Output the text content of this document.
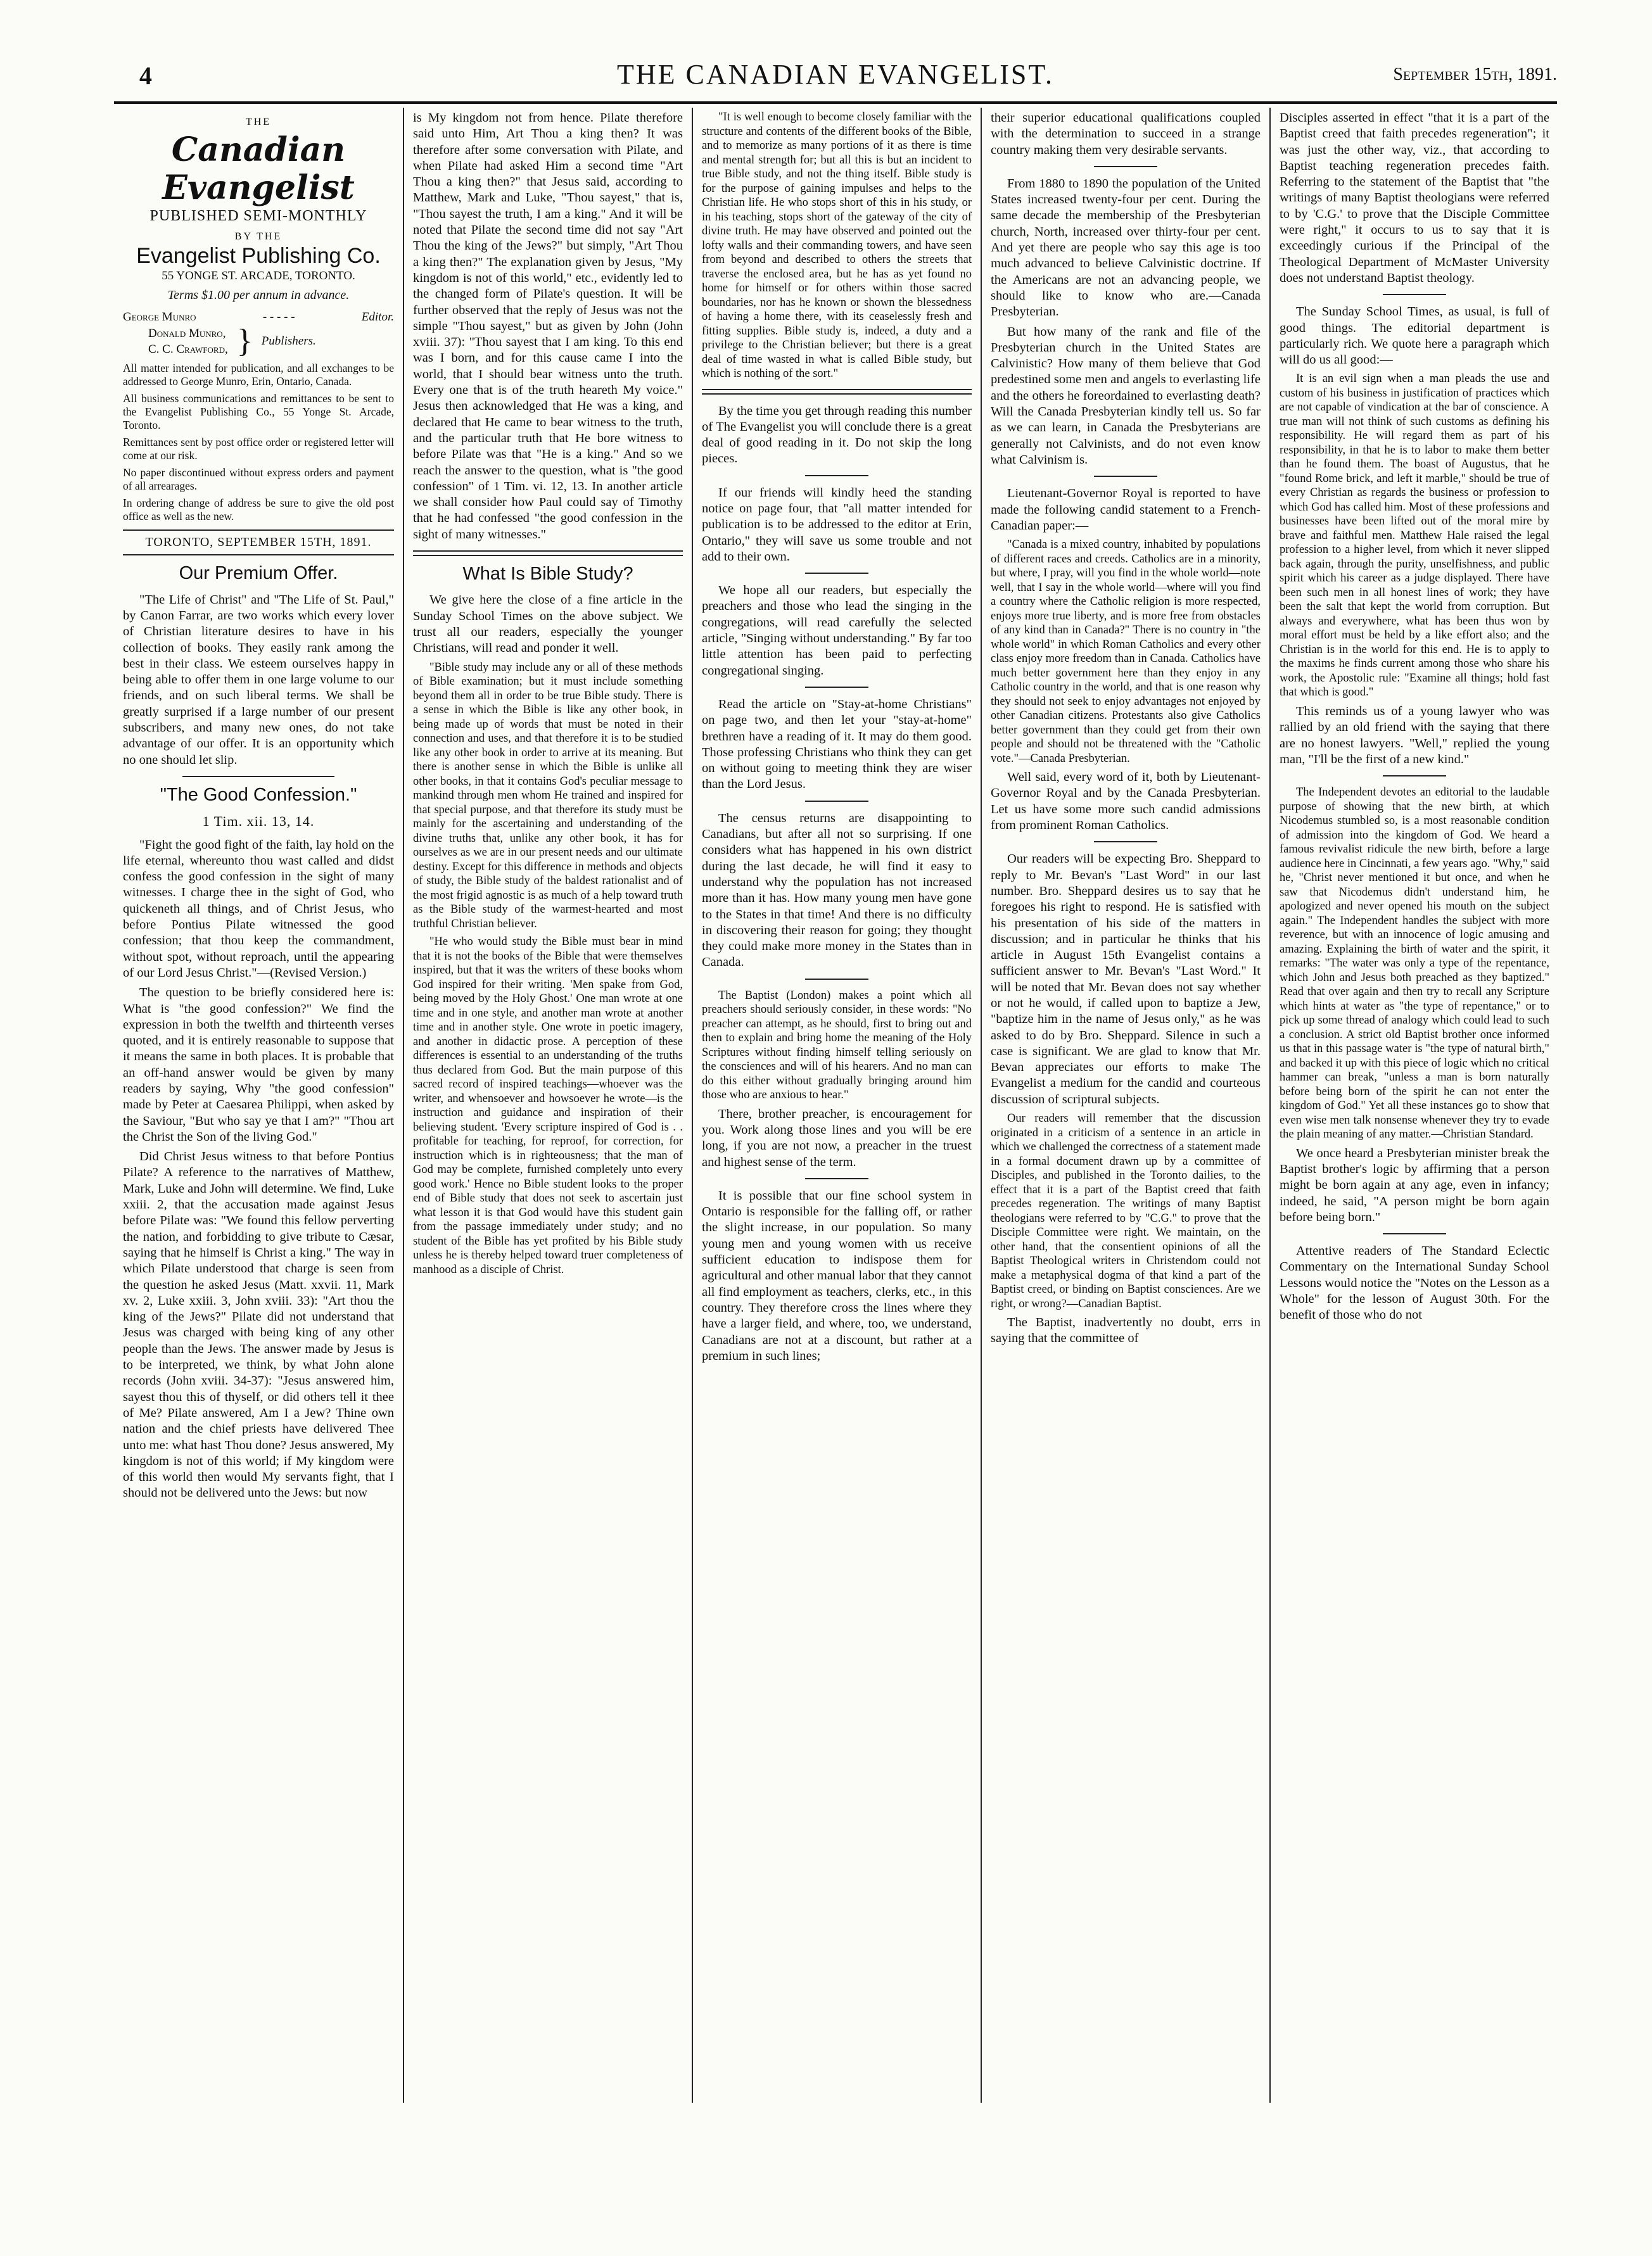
4	THE CANADIAN EVANGELIST.	September 15th, 1891.
THE
Canadian Evangelist
PUBLISHED SEMI-MONTHLY
BY THE
Evangelist Publishing Co.
55 YONGE ST. ARCADE, TORONTO.
Terms $1.00 per annum in advance.
George Munro	- - - - -	Editor.
Donald Munro,
C. C. Crawford, } Publishers.

All matter intended for publication, and all exchanges to be addressed to George Munro, Erin, Ontario, Canada.

All business communications and remittances to be sent to the Evangelist Publishing Co., 55 Yonge St. Arcade, Toronto.

Remittances sent by post office order or registered letter will come at our risk.

No paper discontinued without express orders and payment of all arrearages.

In ordering change of address be sure to give the old post office as well as the new.

TORONTO, SEPTEMBER 15TH, 1891.
Our Premium Offer.

"The Life of Christ" and "The Life of St. Paul," by Canon Farrar, are two works which every lover of Christian literature desires to have in his collection of books. They easily rank among the best in their class. We esteem ourselves happy in being able to offer them in one large volume to our friends, and on such liberal terms. We shall be greatly surprised if a large number of our present subscribers, and many new ones, do not take advantage of our offer. It is an opportunity which no one should let slip.

"The Good Confession."
1 Tim. xii. 13, 14.

"Fight the good fight of the faith, lay hold on the life eternal, whereunto thou wast called and didst confess the good confession in the sight of many witnesses. I charge thee in the sight of God, who quickeneth all things, and of Christ Jesus, who before Pontius Pilate witnessed the good confession; that thou keep the commandment, without spot, without reproach, until the appearing of our Lord Jesus Christ."—(Revised Version.)

The question to be briefly considered here is: What is "the good confession?" We find the expression in both the twelfth and thirteenth verses quoted, and it is entirely reasonable to suppose that it means the same in both places. It is probable that an off-hand answer would be given by many readers by saying, Why "the good confession" made by Peter at Caesarea Philippi, when asked by the Saviour, "But who say ye that I am?" "Thou art the Christ the Son of the living God."

Did Christ Jesus witness to that before Pontius Pilate? A reference to the narratives of Matthew, Mark, Luke and John will determine. We find, Luke xxiii. 2, that the accusation made against Jesus before Pilate was: "We found this fellow perverting the nation, and forbidding to give tribute to Cæsar, saying that he himself is Christ a king." The way in which Pilate understood that charge is seen from the question he asked Jesus (Matt. xxvii. 11, Mark xv. 2, Luke xxiii. 3, John xviii. 33): "Art thou the king of the Jews?" Pilate did not understand that Jesus was charged with being king of any other people than the Jews. The answer made by Jesus is to be interpreted, we think, by what John alone records (John xviii. 34-37): "Jesus answered him, sayest thou this of thyself, or did others tell it thee of Me? Pilate answered, Am I a Jew? Thine own nation and the chief priests have delivered Thee unto me: what hast Thou done? Jesus answered, My kingdom is not of this world; if My kingdom were of this world then would My servants fight, that I should not be delivered unto the Jews: but now

is My kingdom not from hence. Pilate therefore said unto Him, Art Thou a king then? It was therefore after some conversation with Pilate, and when Pilate had asked Him a second time "Art Thou a king then?" that Jesus said, according to Matthew, Mark and Luke, "Thou sayest," that is, "Thou sayest the truth, I am a king." And it will be noted that Pilate the second time did not say "Art Thou the king of the Jews?" but simply, "Art Thou a king then?" The explanation given by Jesus, "My kingdom is not of this world," etc., evidently led to the changed form of Pilate's question. It will be further observed that the reply of Jesus was not the simple "Thou sayest," but as given by John (John xviii. 37): "Thou sayest that I am king. To this end was I born, and for this cause came I into the world, that I should bear witness unto the truth. Every one that is of the truth heareth My voice." Jesus then acknowledged that He was a king, and declared that He came to bear witness to the truth, and the particular truth that He bore witness to before Pilate was that "He is a king." And so we reach the answer to the question, what is "the good confession" of 1 Tim. vi. 12, 13. In another article we shall consider how Paul could say of Timothy that he had confessed "the good confession in the sight of many witnesses."

What Is Bible Study?

We give here the close of a fine article in the Sunday School Times on the above subject. We trust all our readers, especially the younger Christians, will read and ponder it well.

"Bible study may include any or all of these methods of Bible examination; but it must include something beyond them all in order to be true Bible study. There is a sense in which the Bible is like any other book, in being made up of words that must be noted in their connection and uses, and that therefore it is to be studied like any other book in order to arrive at its meaning. But there is another sense in which the Bible is unlike all other books, in that it contains God's peculiar message to mankind through men whom He trained and inspired for that special purpose, and that therefore its study must be mainly for the ascertaining and understanding of the divine truths that, unlike any other book, it has for ourselves as we are in our present needs and our ultimate destiny. Except for this difference in methods and objects of study, the Bible study of the baldest rationalist and of the most frigid agnostic is as much of a help toward truth as the Bible study of the warmest-hearted and most truthful Christian believer.

"He who would study the Bible must bear in mind that it is not the books of the Bible that were themselves inspired, but that it was the writers of these books whom God inspired for their writing. 'Men spake from God, being moved by the Holy Ghost.' One man wrote at one time and in one style, and another man wrote at another time and in another style. One wrote in poetic imagery, and another in didactic prose. A perception of these differences is essential to an understanding of the truths thus declared from God. But the main purpose of this sacred record of inspired teachings—whoever was the writer, and whensoever and howsoever he wrote—is the instruction and guidance and inspiration of their believing student. 'Every scripture inspired of God is . . profitable for teaching, for reproof, for correction, for instruction which is in righteousness; that the man of God may be complete, furnished completely unto every good work.' Hence no Bible student looks to the proper end of Bible study that does not seek to ascertain just what lesson it is that God would have this student gain from the passage immediately under study; and no student of the Bible has yet profited by his Bible study unless he is thereby helped toward truer completeness of manhood as a disciple of Christ.

"It is well enough to become closely familiar with the structure and contents of the different books of the Bible, and to memorize as many portions of it as there is time and mental strength for; but all this is but an incident to true Bible study, and not the thing itself. Bible study is for the purpose of gaining impulses and helps to the Christian life. He who stops short of this in his study, or in his teaching, stops short of the gateway of the city of divine truth. He may have observed and pointed out the lofty walls and their commanding towers, and have seen from beyond and described to others the streets that traverse the enclosed area, but he has as yet found no home for himself or for others within those sacred boundaries, nor has he known or shown the blessedness of having a home there, with its ceaselessly fresh and fitting supplies. Bible study is, indeed, a duty and a privilege to the Christian believer; but there is a great deal of time wasted in what is called Bible study, but which is nothing of the sort."

By the time you get through reading this number of The Evangelist you will conclude there is a great deal of good reading in it. Do not skip the long pieces.

If our friends will kindly heed the standing notice on page four, that "all matter intended for publication is to be addressed to the editor at Erin, Ontario," they will save us some trouble and not add to their own.

We hope all our readers, but especially the preachers and those who lead the singing in the congregations, will read carefully the selected article, "Singing without understanding." By far too little attention has been paid to perfecting congregational singing.

Read the article on "Stay-at-home Christians" on page two, and then let your "stay-at-home" brethren have a reading of it. It may do them good. Those professing Christians who think they can get on without going to meeting think they are wiser than the Lord Jesus.

The census returns are disappointing to Canadians, but after all not so surprising. If one considers what has happened in his own district during the last decade, he will find it easy to understand why the population has not increased more than it has. How many young men have gone to the States in that time! And there is no difficulty in discovering their reason for going; they thought they could make more money in the States than in Canada.

The Baptist (London) makes a point which all preachers should seriously consider, in these words: "No preacher can attempt, as he should, first to bring out and then to explain and bring home the meaning of the Holy Scriptures without finding himself telling seriously on the consciences and will of his hearers. And no man can do this either without gradually bringing around him those who are anxious to hear."

There, brother preacher, is encouragement for you. Work along those lines and you will be ere long, if you are not now, a preacher in the truest and highest sense of the term.

It is possible that our fine school system in Ontario is responsible for the falling off, or rather the slight increase, in our population. So many young men and young women with us receive sufficient education to indispose them for agricultural and other manual labor that they cannot all find employment as teachers, clerks, etc., in this country. They therefore cross the lines where they have a larger field, and where, too, we understand, Canadians are not at a discount, but rather at a premium in such lines;

their superior educational qualifications coupled with the determination to succeed in a strange country making them very desirable servants.

From 1880 to 1890 the population of the United States increased twenty-four per cent. During the same decade the membership of the Presbyterian church, North, increased over thirty-four per cent. And yet there are people who say this age is too much advanced to believe Calvinistic doctrine. If the Americans are not an advancing people, we should like to know who are.—Canada Presbyterian.

But how many of the rank and file of the Presbyterian church in the United States are Calvinistic? How many of them believe that God predestined some men and angels to everlasting life and the others he foreordained to everlasting death? Will the Canada Presbyterian kindly tell us. So far as we can learn, in Canada the Presbyterians are generally not Calvinists, and do not even know what Calvinism is.

Lieutenant-Governor Royal is reported to have made the following candid statement to a French-Canadian paper:—

"Canada is a mixed country, inhabited by populations of different races and creeds. Catholics are in a minority, but where, I pray, will you find in the whole world—note well, that I say in the whole world—where will you find a country where the Catholic religion is more respected, enjoys more true liberty, and is more free from obstacles of any kind than in Canada?" There is no country in "the whole world" in which Roman Catholics and every other class enjoy more freedom than in Canada. Catholics have much better government here than they enjoy in any Catholic country in the world, and that is one reason why they should not seek to enjoy advantages not enjoyed by other Canadian citizens. Protestants also give Catholics better government than they could get from their own people and should not be threatened with the "Catholic vote."—Canada Presbyterian.

Well said, every word of it, both by Lieutenant-Governor Royal and by the Canada Presbyterian. Let us have some more such candid admissions from prominent Roman Catholics.

Our readers will be expecting Bro. Sheppard to reply to Mr. Bevan's "Last Word" in our last number. Bro. Sheppard desires us to say that he foregoes his right to respond. He is satisfied with his presentation of his side of the matters in discussion; and in particular he thinks that his article in August 15th Evangelist contains a sufficient answer to Mr. Bevan's "Last Word." It will be noted that Mr. Bevan does not say whether or not he would, if called upon to baptize a Jew, "baptize him in the name of Jesus only," as he was asked to do by Bro. Sheppard. Silence in such a case is significant. We are glad to know that Mr. Bevan appreciates our efforts to make The Evangelist a medium for the candid and courteous discussion of scriptural subjects.

Our readers will remember that the discussion originated in a criticism of a sentence in an article in which we challenged the correctness of a statement made in a formal document drawn up by a committee of Disciples, and published in the Toronto dailies, to the effect that it is a part of the Baptist creed that faith precedes regeneration. The writings of many Baptist theologians were referred to by "C.G." to prove that the Disciple Committee were right. We maintain, on the other hand, that the consentient opinions of all the Baptist Theological writers in Christendom could not make a metaphysical dogma of that kind a part of the Baptist creed, or binding on Baptist consciences. Are we right, or wrong?—Canadian Baptist.

The Baptist, inadvertently no doubt, errs in saying that the committee of

Disciples asserted in effect "that it is a part of the Baptist creed that faith precedes regeneration"; it was just the other way, viz., that according to Baptist teaching regeneration precedes faith. Referring to the statement of the Baptist that "the writings of many Baptist theologians were referred to by 'C.G.' to prove that the Disciple Committee were right," it occurs to us to say that it is exceedingly curious if the Principal of the Theological Department of McMaster University does not understand Baptist theology.

The Sunday School Times, as usual, is full of good things. The editorial department is particularly rich. We quote here a paragraph which will do us all good:—

It is an evil sign when a man pleads the use and custom of his business in justification of practices which are not capable of vindication at the bar of conscience. A true man will not think of such customs as defining his responsibility. He will regard them as part of his responsibility, in that he is to labor to make them better than he found them. The boast of Augustus, that he "found Rome brick, and left it marble," should be true of every Christian as regards the business or profession to which God has called him. Most of these professions and businesses have been lifted out of the moral mire by brave and faithful men. Matthew Hale raised the legal profession to a higher level, from which it never slipped back again, through the purity, unselfishness, and public spirit which his career as a judge displayed. There have been such men in all honest lines of work; they have been the salt that kept the world from corruption. But always and everywhere, what has been thus won by moral effort must be held by a like effort also; and the Christian is in the world for this end. He is to apply to the maxims he finds current among those who share his work, the Apostolic rule: "Examine all things; hold fast that which is good."

This reminds us of a young lawyer who was rallied by an old friend with the saying that there are no honest lawyers. "Well," replied the young man, "I'll be the first of a new kind."

The Independent devotes an editorial to the laudable purpose of showing that the new birth, at which Nicodemus stumbled so, is a most reasonable condition of admission into the kingdom of God. We heard a famous revivalist ridicule the new birth, before a large audience here in Cincinnati, a few years ago. "Why," said he, "Christ never mentioned it but once, and when he saw that Nicodemus didn't understand him, he apologized and never opened his mouth on the subject again." The Independent handles the subject with more reverence, but with an innocence of logic amusing and amazing. Explaining the birth of water and the spirit, it remarks: "The water was only a type of the repentance, which John and Jesus both preached as they baptized." Read that over again and then try to recall any Scripture which hints at water as "the type of repentance," or to pick up some thread of analogy which could lead to such a conclusion. A strict old Baptist brother once informed us that in this passage water is "the type of natural birth," and backed it up with this piece of logic which no critical hammer can break, "unless a man is born naturally before being born of the spirit he can not enter the kingdom of God." Yet all these instances go to show that even wise men talk nonsense whenever they try to evade the plain meaning of any matter.—Christian Standard.

We once heard a Presbyterian minister break the Baptist brother's logic by affirming that a person might be born again at any age, even in infancy; indeed, he said, "A person might be born again before being born."

Attentive readers of The Standard Eclectic Commentary on the International Sunday School Lessons would notice the "Notes on the Lesson as a Whole" for the lesson of August 30th. For the benefit of those who do not
